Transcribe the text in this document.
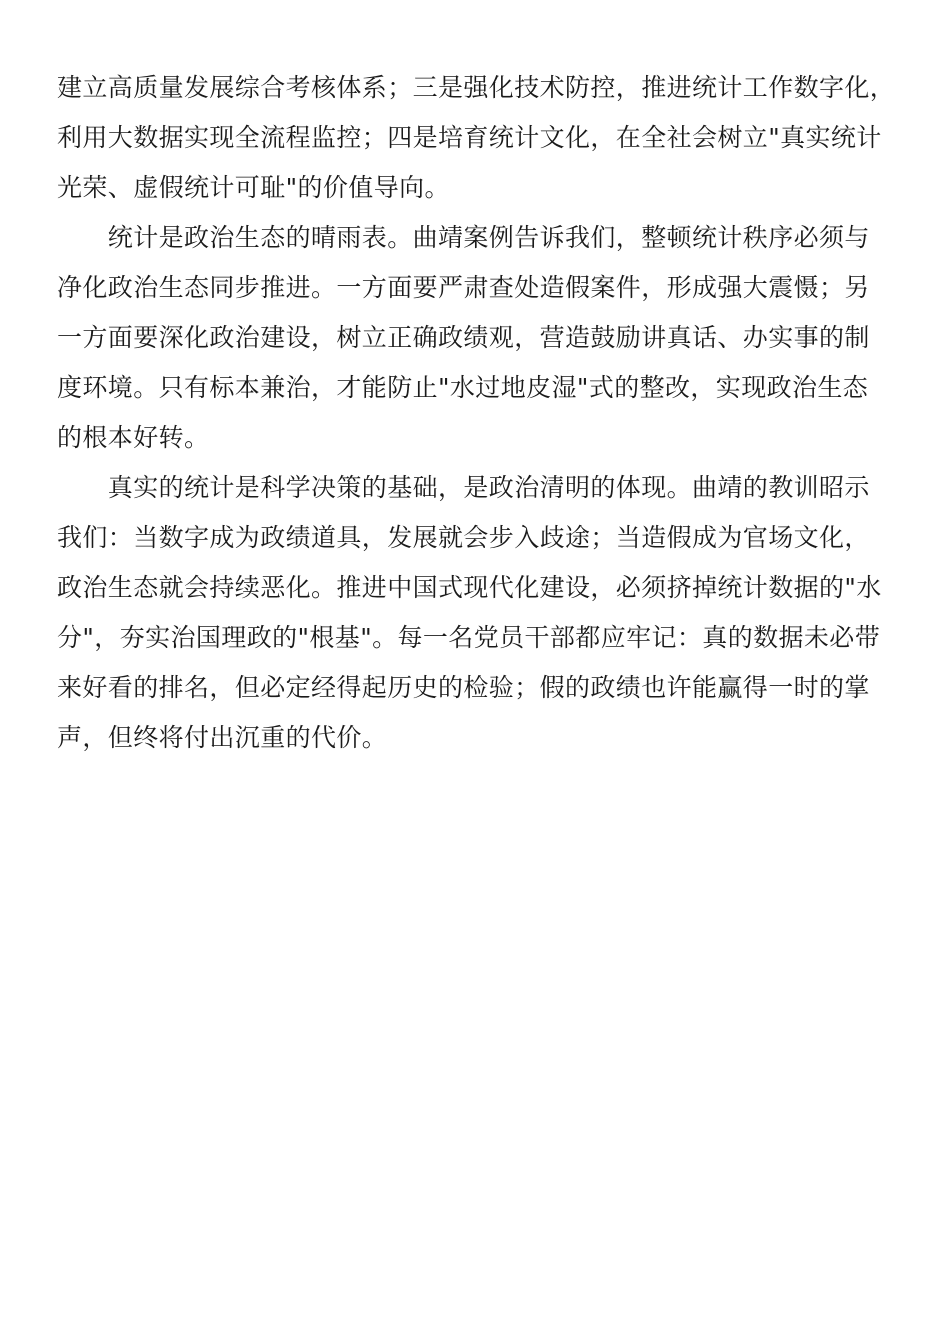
建立高质量发展综合考核体系；三是强化技术防控，推进统计工作数字化，
利用大数据实现全流程监控；四是培育统计文化，在全社会树立"真实统计
光荣、虚假统计可耻"的价值导向。
　　统计是政治生态的晴雨表。曲靖案例告诉我们，整顿统计秩序必须与
净化政治生态同步推进。一方面要严肃查处造假案件，形成强大震慑；另
一方面要深化政治建设，树立正确政绩观，营造鼓励讲真话、办实事的制
度环境。只有标本兼治，才能防止"水过地皮湿"式的整改，实现政治生态
的根本好转。
　　真实的统计是科学决策的基础，是政治清明的体现。曲靖的教训昭示
我们：当数字成为政绩道具，发展就会步入歧途；当造假成为官场文化，
政治生态就会持续恶化。推进中国式现代化建设，必须挤掉统计数据的"水
分"，夯实治国理政的"根基"。每一名党员干部都应牢记：真的数据未必带
来好看的排名，但必定经得起历史的检验；假的政绩也许能赢得一时的掌
声，但终将付出沉重的代价。
